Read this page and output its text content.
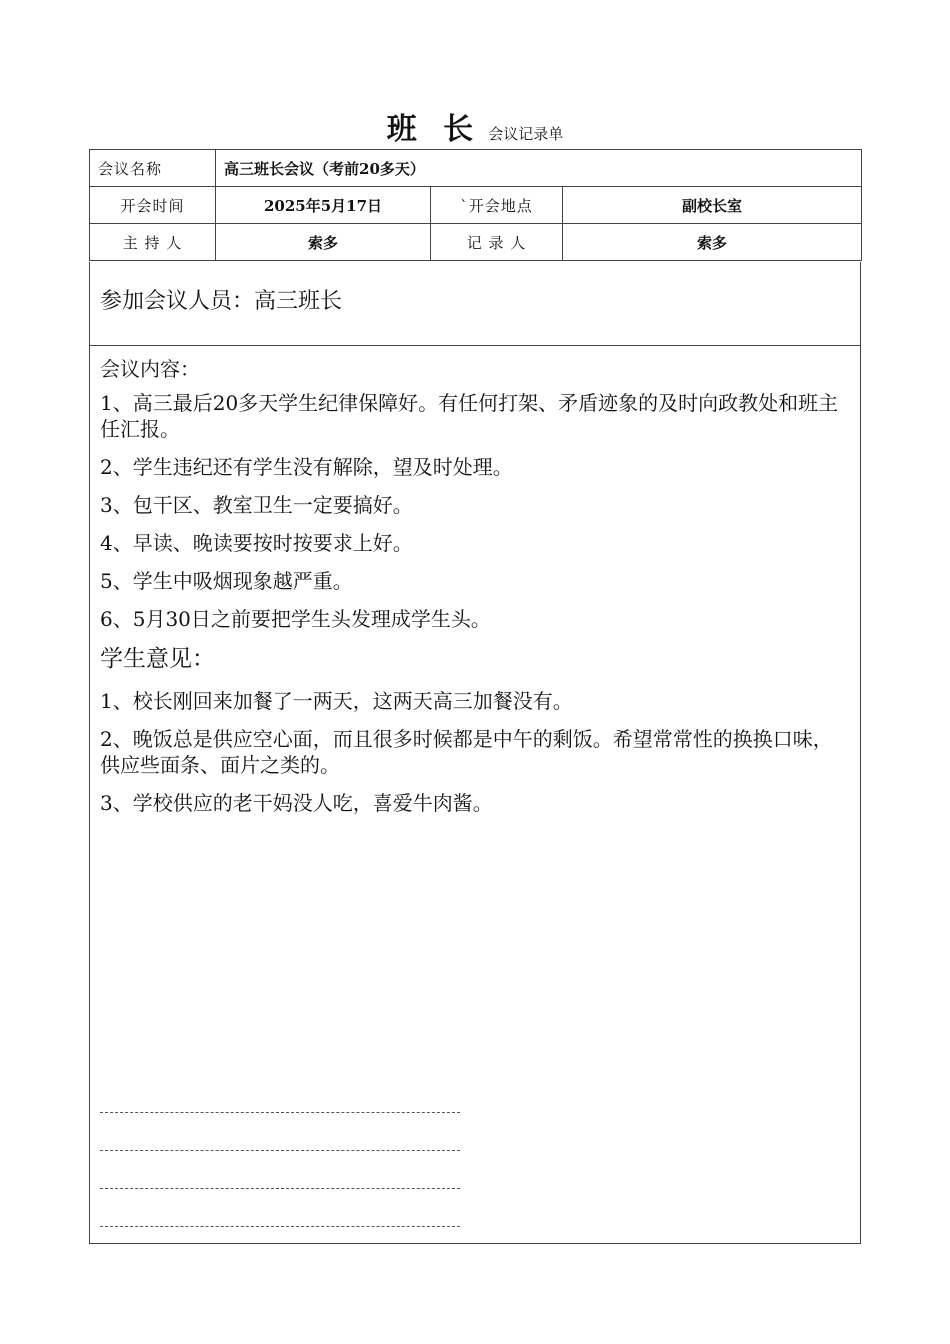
班 长 会议记录单
会议名称	高三班长会议（考前20多天）		
开会时间	2025年5月17日	`开会地点	副校长室
主 持 人	索多	记 录 人	索多
参加会议人员：高三班长

会议内容：

1、高三最后20多天学生纪律保障好。有任何打架、矛盾迹象的及时向政教处和班主任汇报。

2、学生违纪还有学生没有解除，望及时处理。

3、包干区、教室卫生一定要搞好。

4、早读、晚读要按时按要求上好。

5、学生中吸烟现象越严重。

6、5月30日之前要把学生头发理成学生头。

学生意见：

1、校长刚回来加餐了一两天，这两天高三加餐没有。

2、晚饭总是供应空心面，而且很多时候都是中午的剩饭。希望常常性的换换口味，供应些面条、面片之类的。

3、学校供应的老干妈没人吃，喜爱牛肉酱。
